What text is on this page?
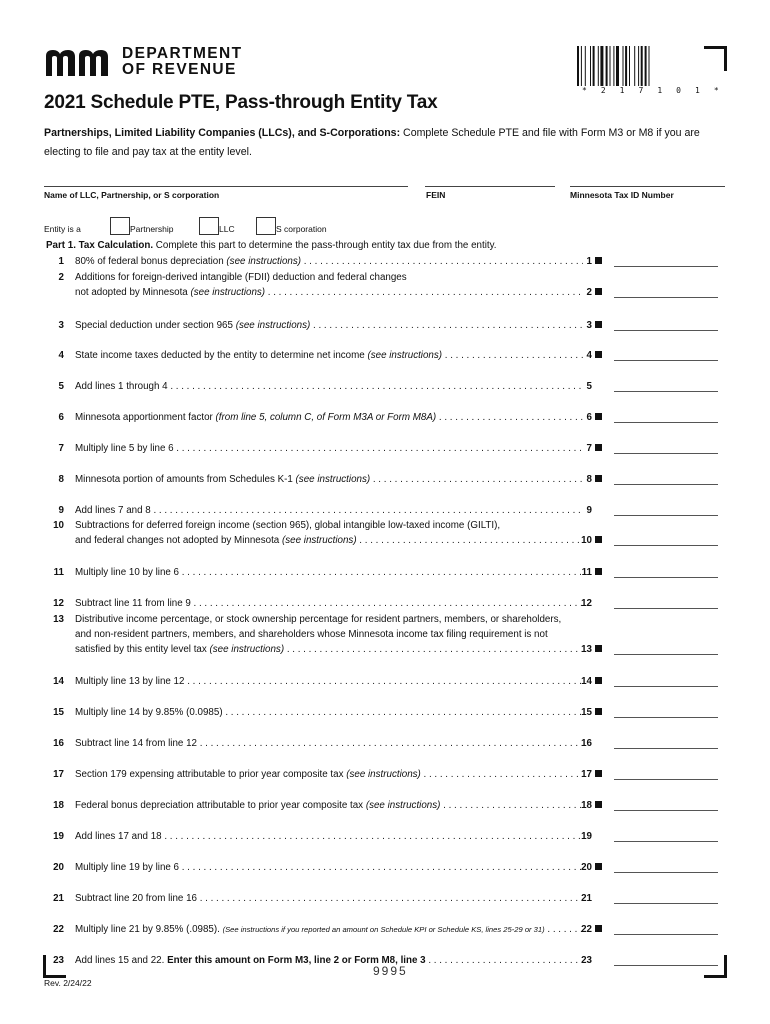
DEPARTMENT
OF REVENUE
* 2 1 7 1 0 1 *
2021 Schedule PTE, Pass-through Entity Tax
Partnerships, Limited Liability Companies (LLCs), and S-Corporations: Complete Schedule PTE and file with Form M3 or M8 if you are electing to file and pay tax at the entity level.
Name of LLC, Partnership, or S corporation	FEIN	Minnesota Tax ID Number
Entity is a	Partnership	LLC	S corporation
Part 1. Tax Calculation. Complete this part to determine the pass-through entity tax due from the entity.
1 80% of federal bonus depreciation (see instructions) . . .	1
2 Additions for foreign-derived intangible (FDII) deduction and federal changes
not adopted by Minnesota (see instructions) . . .	2
3 Special deduction under section 965 (see instructions) . . .	3
4 State income taxes deducted by the entity to determine net income (see instructions) . . .	4
5 Add lines 1 through 4 . . .	5
6 Minnesota apportionment factor (from line 5, column C, of Form M3A or Form M8A) . . .	6
7 Multiply line 5 by line 6 . . .	7
8 Minnesota portion of amounts from Schedules K-1 (see instructions) . . .	8
9 Add lines 7 and 8 . . .	9
10 Subtractions for deferred foreign income (section 965), global intangible low-taxed income (GILTI),
and federal changes not adopted by Minnesota (see instructions) . . .	10
11 Multiply line 10 by line 6 . . .	11
12 Subtract line 11 from line 9 . . .	12
13 Distributive income percentage, or stock ownership percentage for resident partners, members, or shareholders,
and non-resident partners, members, and shareholders whose Minnesota income tax filing requirement is not
satisfied by this entity level tax (see instructions) . . .	13
14 Multiply line 13 by line 12 . . .	14
15 Multiply line 14 by 9.85% (0.0985) . . .	15
16 Subtract line 14 from line 12 . . .	16
17 Section 179 expensing attributable to prior year composite tax (see instructions) . . .	17
18 Federal bonus depreciation attributable to prior year composite tax (see instructions) . . .	18
19 Add lines 17 and 18 . . .	19
20 Multiply line 19 by line 6 . . .	20
21 Subtract line 20 from line 16 . . .	21
22 Multiply line 21 by 9.85% (.0985). (See instructions if you reported an amount on Schedule KPI or Schedule KS, lines 25-29 or 31) . . .	22
23 Add lines 15 and 22. Enter this amount on Form M3, line 2 or Form M8, line 3 . . .	23
9995
Rev. 2/24/22
